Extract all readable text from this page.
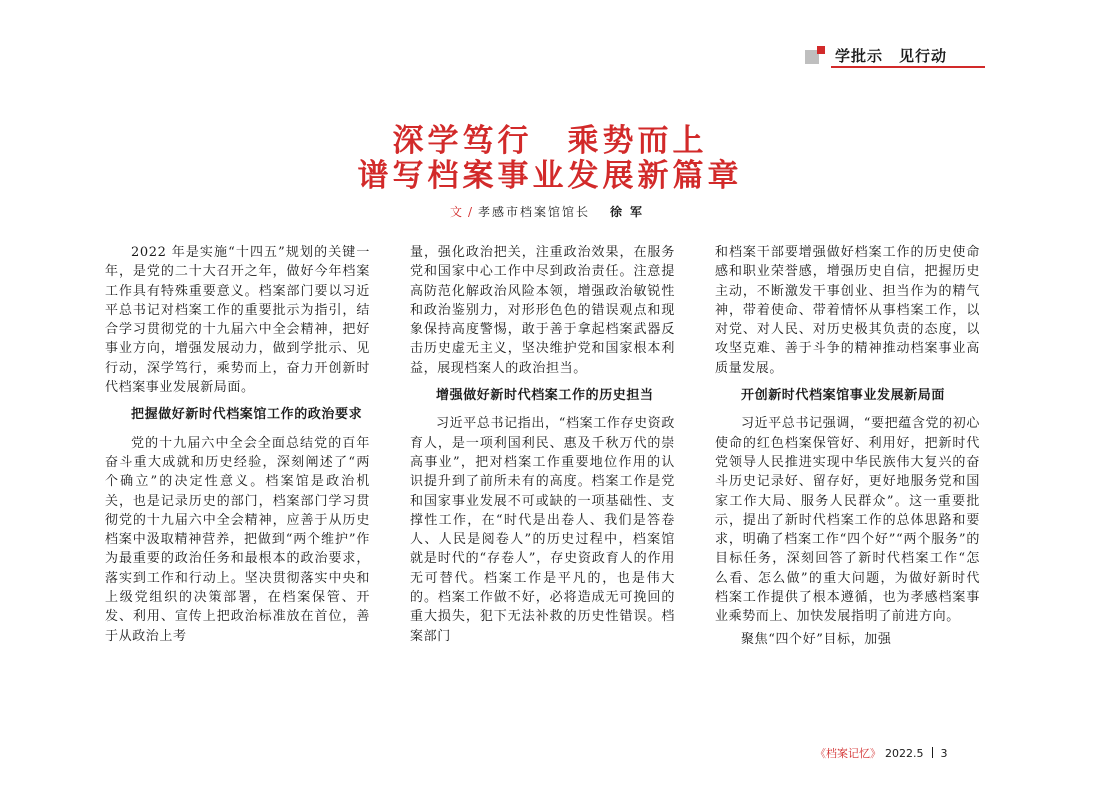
学批示　见行动
深学笃行　乘势而上
谱写档案事业发展新篇章
文 / 孝感市档案馆馆长 徐军

2022 年是实施“十四五”规划的关键一年，是党的二十大召开之年，做好今年档案工作具有特殊重要意义。档案部门要以习近平总书记对档案工作的重要批示为指引，结合学习贯彻党的十九届六中全会精神，把好事业方向，增强发展动力，做到学批示、见行动，深学笃行，乘势而上，奋力开创新时代档案事业发展新局面。

把握做好新时代档案馆工作的政治要求

党的十九届六中全会全面总结党的百年奋斗重大成就和历史经验，深刻阐述了“两个确立”的决定性意义。档案馆是政治机关，也是记录历史的部门，档案部门学习贯彻党的十九届六中全会精神，应善于从历史档案中汲取精神营养，把做到“两个维护”作为最重要的政治任务和最根本的政治要求，落实到工作和行动上。坚决贯彻落实中央和上级党组织的决策部署，在档案保管、开发、利用、宣传上把政治标准放在首位，善于从政治上考

量，强化政治把关，注重政治效果，在服务党和国家中心工作中尽到政治责任。注意提高防范化解政治风险本领，增强政治敏锐性和政治鉴别力，对形形色色的错误观点和现象保持高度警惕，敢于善于拿起档案武器反击历史虚无主义，坚决维护党和国家根本利益，展现档案人的政治担当。

增强做好新时代档案工作的历史担当

习近平总书记指出，“档案工作存史资政育人，是一项利国利民、惠及千秋万代的崇高事业”，把对档案工作重要地位作用的认识提升到了前所未有的高度。档案工作是党和国家事业发展不可或缺的一项基础性、支撑性工作，在“时代是出卷人、我们是答卷人、人民是阅卷人”的历史过程中，档案馆就是时代的“存卷人”，存史资政育人的作用无可替代。档案工作是平凡的，也是伟大的。档案工作做不好，必将造成无可挽回的重大损失，犯下无法补救的历史性错误。档案部门

和档案干部要增强做好档案工作的历史使命感和职业荣誉感，增强历史自信，把握历史主动，不断激发干事创业、担当作为的精气神，带着使命、带着情怀从事档案工作，以对党、对人民、对历史极其负责的态度，以攻坚克难、善于斗争的精神推动档案事业高质量发展。

开创新时代档案馆事业发展新局面

习近平总书记强调，“要把蕴含党的初心使命的红色档案保管好、利用好，把新时代党领导人民推进实现中华民族伟大复兴的奋斗历史记录好、留存好，更好地服务党和国家工作大局、服务人民群众”。这一重要批示，提出了新时代档案工作的总体思路和要求，明确了档案工作“四个好”“两个服务”的目标任务，深刻回答了新时代档案工作“怎么看、怎么做”的重大问题，为做好新时代档案工作提供了根本遵循，也为孝感档案事业乘势而上、加快发展指明了前进方向。

聚焦“四个好”目标，加强

《档案记忆》 2022.5 3
